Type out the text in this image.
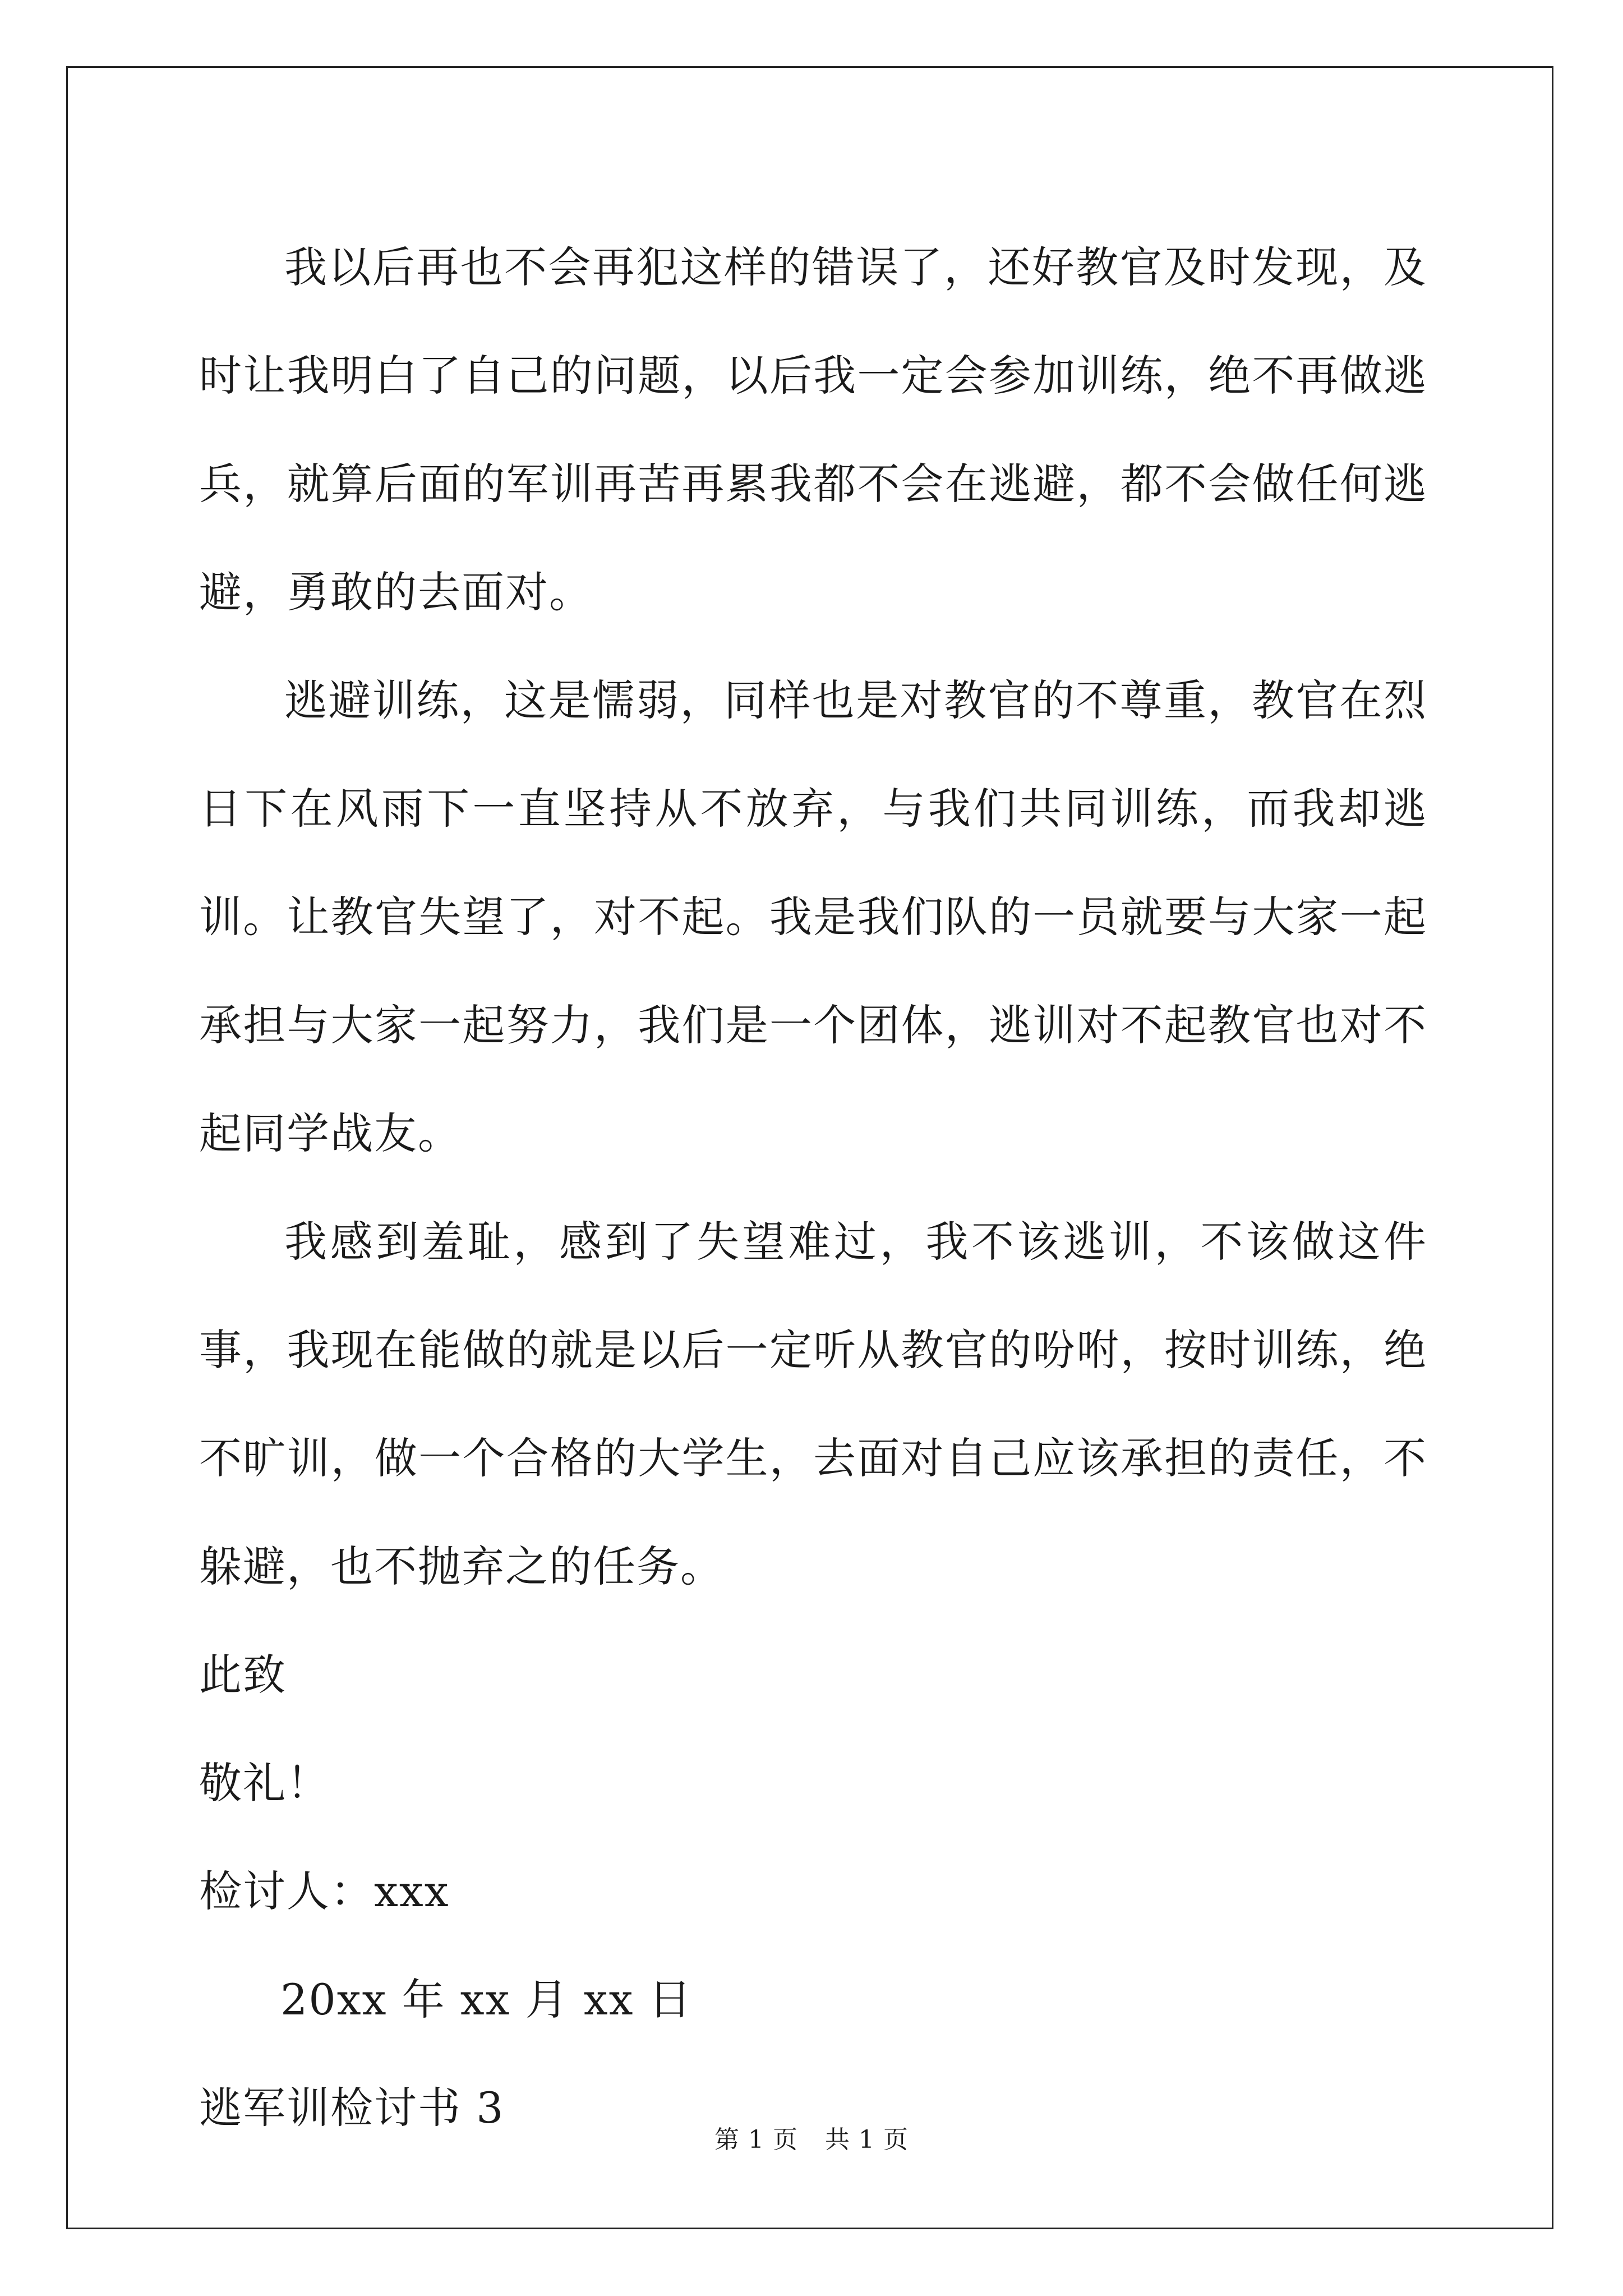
我以后再也不会再犯这样的错误了，还好教官及时发现，及时让我明白了自己的问题，以后我一定会参加训练，绝不再做逃兵，就算后面的军训再苦再累我都不会在逃避，都不会做任何逃避，勇敢的去面对。

逃避训练，这是懦弱，同样也是对教官的不尊重，教官在烈日下在风雨下一直坚持从不放弃，与我们共同训练，而我却逃训。让教官失望了，对不起。我是我们队的一员就要与大家一起承担与大家一起努力，我们是一个团体，逃训对不起教官也对不起同学战友。

我感到羞耻，感到了失望难过，我不该逃训，不该做这件事，我现在能做的就是以后一定听从教官的吩咐，按时训练，绝不旷训，做一个合格的大学生，去面对自己应该承担的责任，不躲避，也不抛弃之的任务。

此致

敬礼！

检讨人：xxx

20xx 年 xx 月 xx 日

逃军训检讨书 3

第 1 页 共 1 页
